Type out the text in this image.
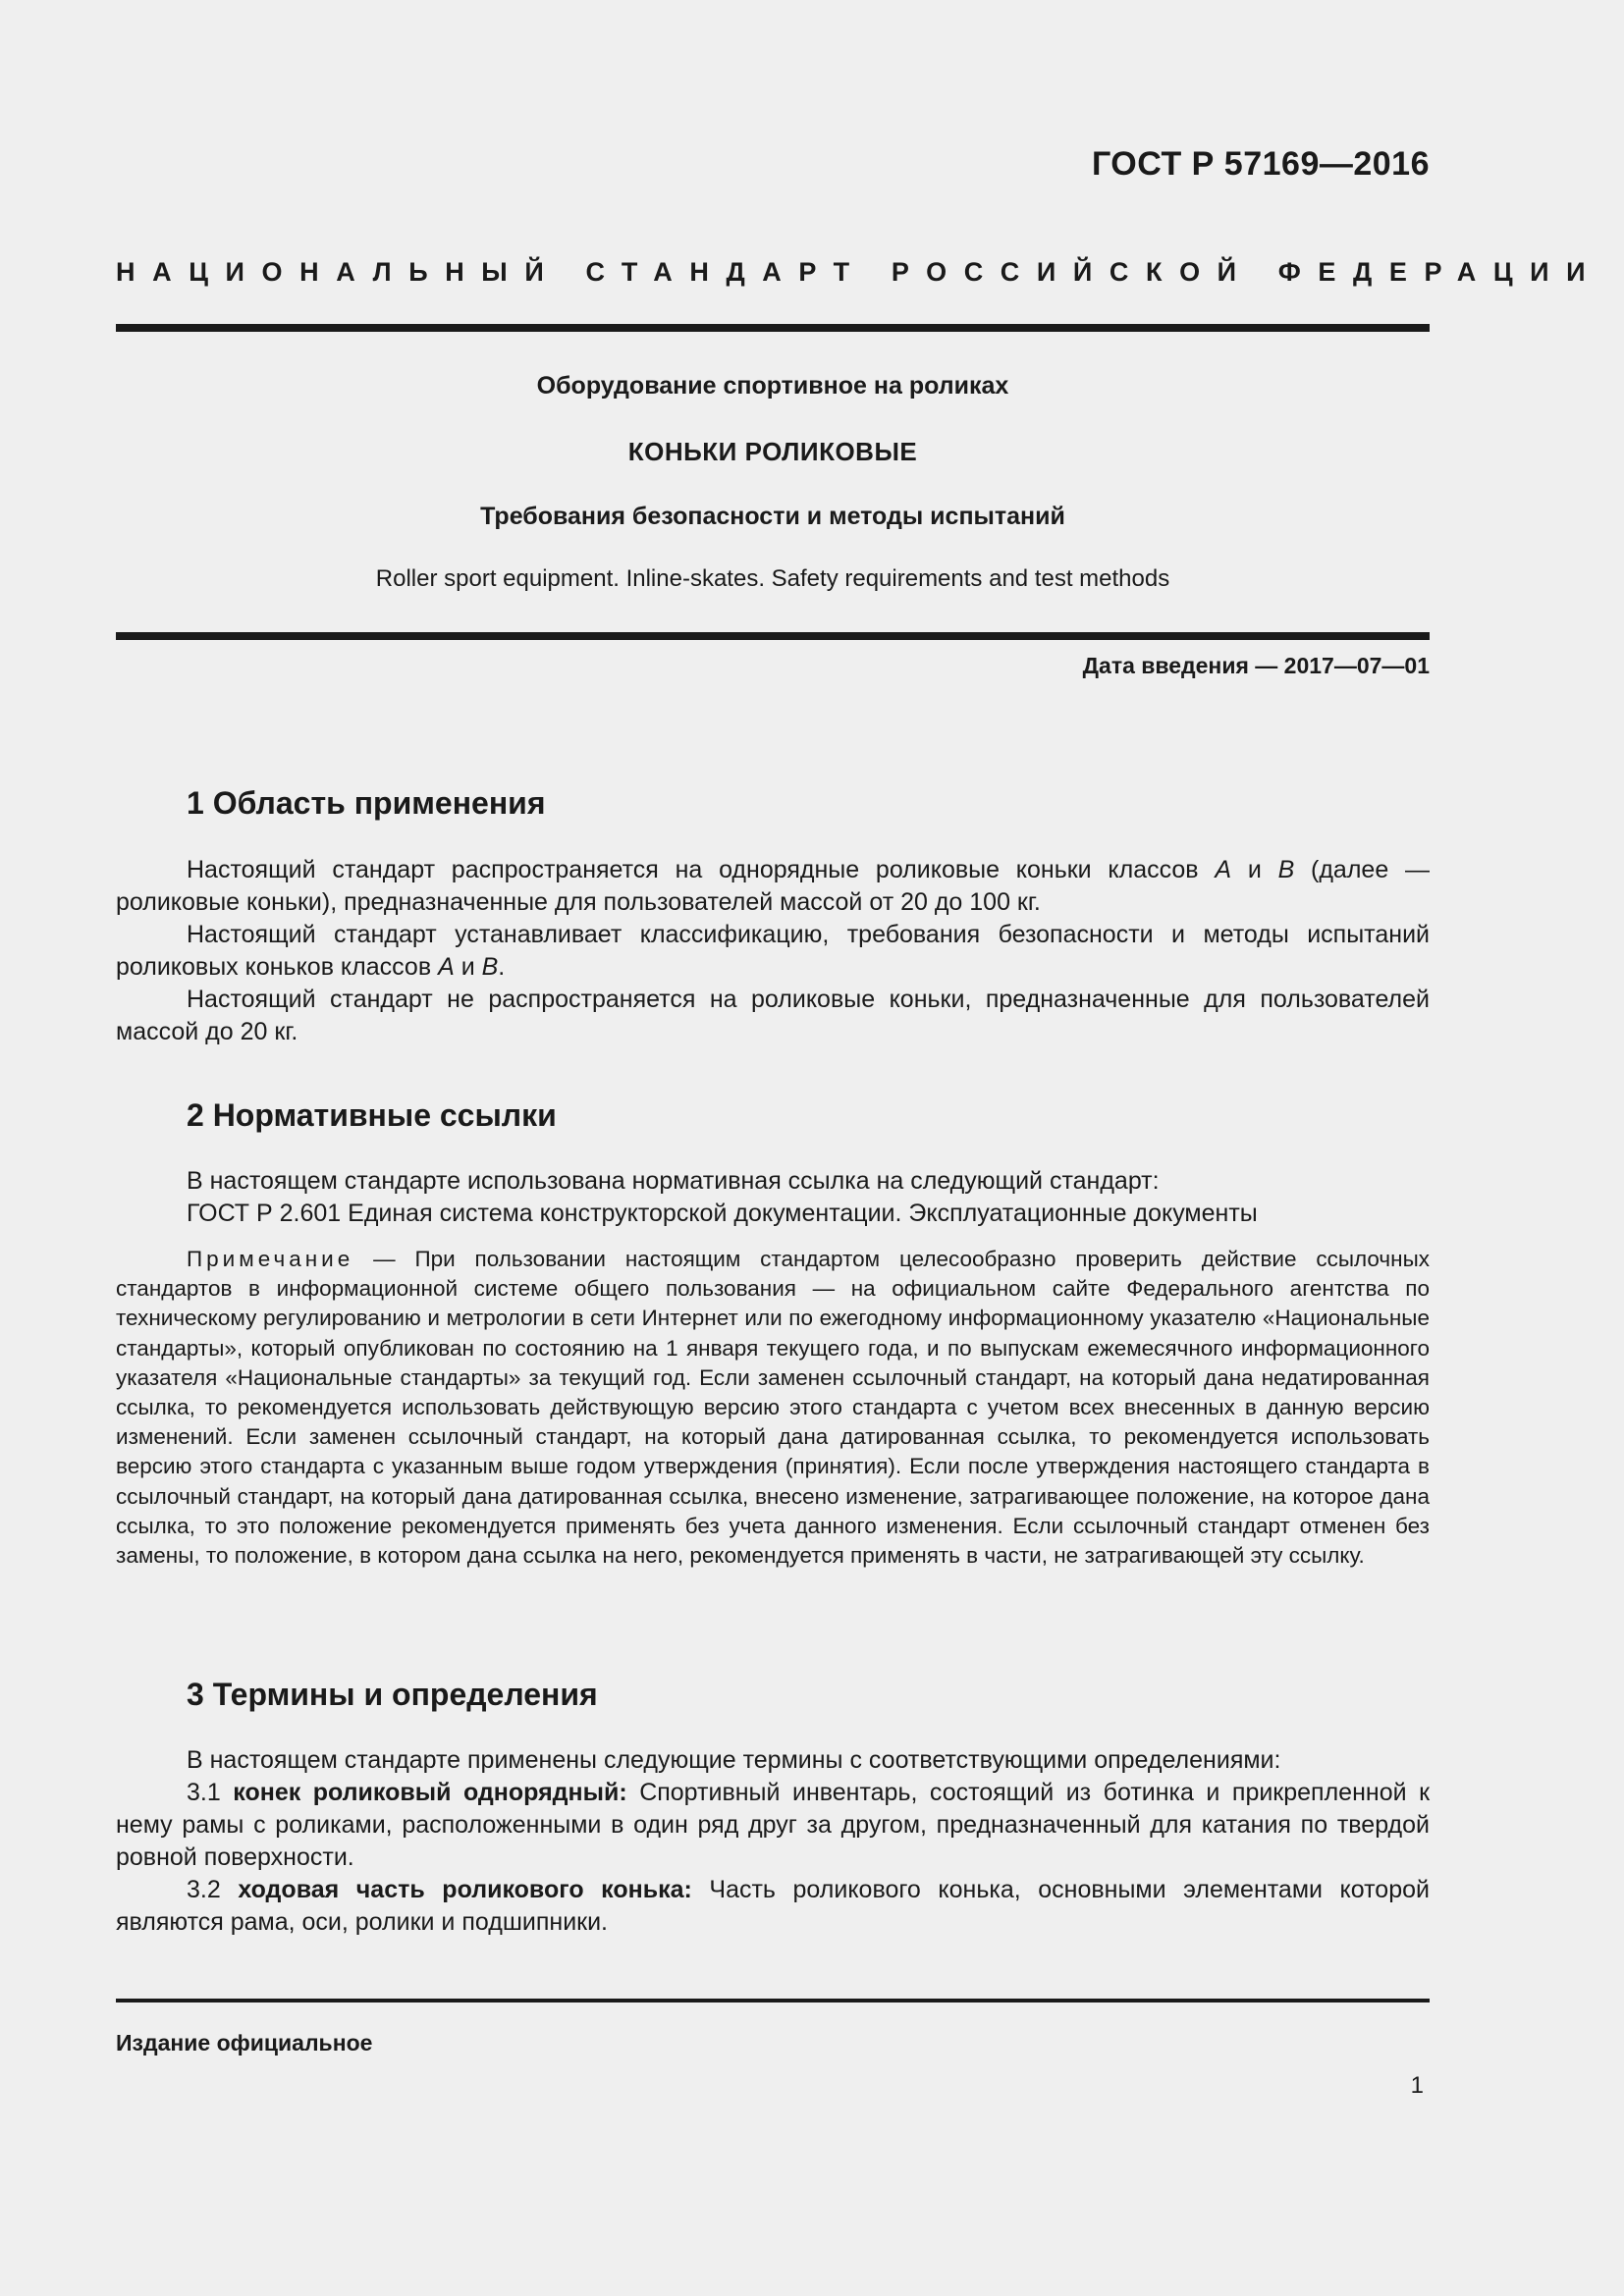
ГОСТ Р 57169—2016
НАЦИОНАЛЬНЫЙ СТАНДАРТ РОССИЙСКОЙ ФЕДЕРАЦИИ
Оборудование спортивное на роликах
КОНЬКИ РОЛИКОВЫЕ
Требования безопасности и методы испытаний
Roller sport equipment. Inline-skates. Safety requirements and test methods
Дата введения — 2017—07—01
1 Область применения
Настоящий стандарт распространяется на однорядные роликовые коньки классов А и В (далее — роликовые коньки), предназначенные для пользователей массой от 20 до 100 кг.
Настоящий стандарт устанавливает классификацию, требования безопасности и методы испытаний роликовых коньков классов А и В.
Настоящий стандарт не распространяется на роликовые коньки, предназначенные для пользователей массой до 20 кг.
2 Нормативные ссылки
В настоящем стандарте использована нормативная ссылка на следующий стандарт:
ГОСТ Р 2.601 Единая система конструкторской документации. Эксплуатационные документы
Примечание — При пользовании настоящим стандартом целесообразно проверить действие ссылочных стандартов в информационной системе общего пользования — на официальном сайте Федерального агентства по техническому регулированию и метрологии в сети Интернет или по ежегодному информационному указателю «Национальные стандарты», который опубликован по состоянию на 1 января текущего года, и по выпускам ежемесячного информационного указателя «Национальные стандарты» за текущий год. Если заменен ссылочный стандарт, на который дана недатированная ссылка, то рекомендуется использовать действующую версию этого стандарта с учетом всех внесенных в данную версию изменений. Если заменен ссылочный стандарт, на который дана датированная ссылка, то рекомендуется использовать версию этого стандарта с указанным выше годом утверждения (принятия). Если после утверждения настоящего стандарта в ссылочный стандарт, на который дана датированная ссылка, внесено изменение, затрагивающее положение, на которое дана ссылка, то это положение рекомендуется применять без учета данного изменения. Если ссылочный стандарт отменен без замены, то положение, в котором дана ссылка на него, рекомендуется применять в части, не затрагивающей эту ссылку.
3 Термины и определения
В настоящем стандарте применены следующие термины с соответствующими определениями:
3.1 конек роликовый однорядный: Спортивный инвентарь, состоящий из ботинка и прикрепленной к нему рамы с роликами, расположенными в один ряд друг за другом, предназначенный для катания по твердой ровной поверхности.
3.2 ходовая часть роликового конька: Часть роликового конька, основными элементами которой являются рама, оси, ролики и подшипники.
Издание официальное
1
